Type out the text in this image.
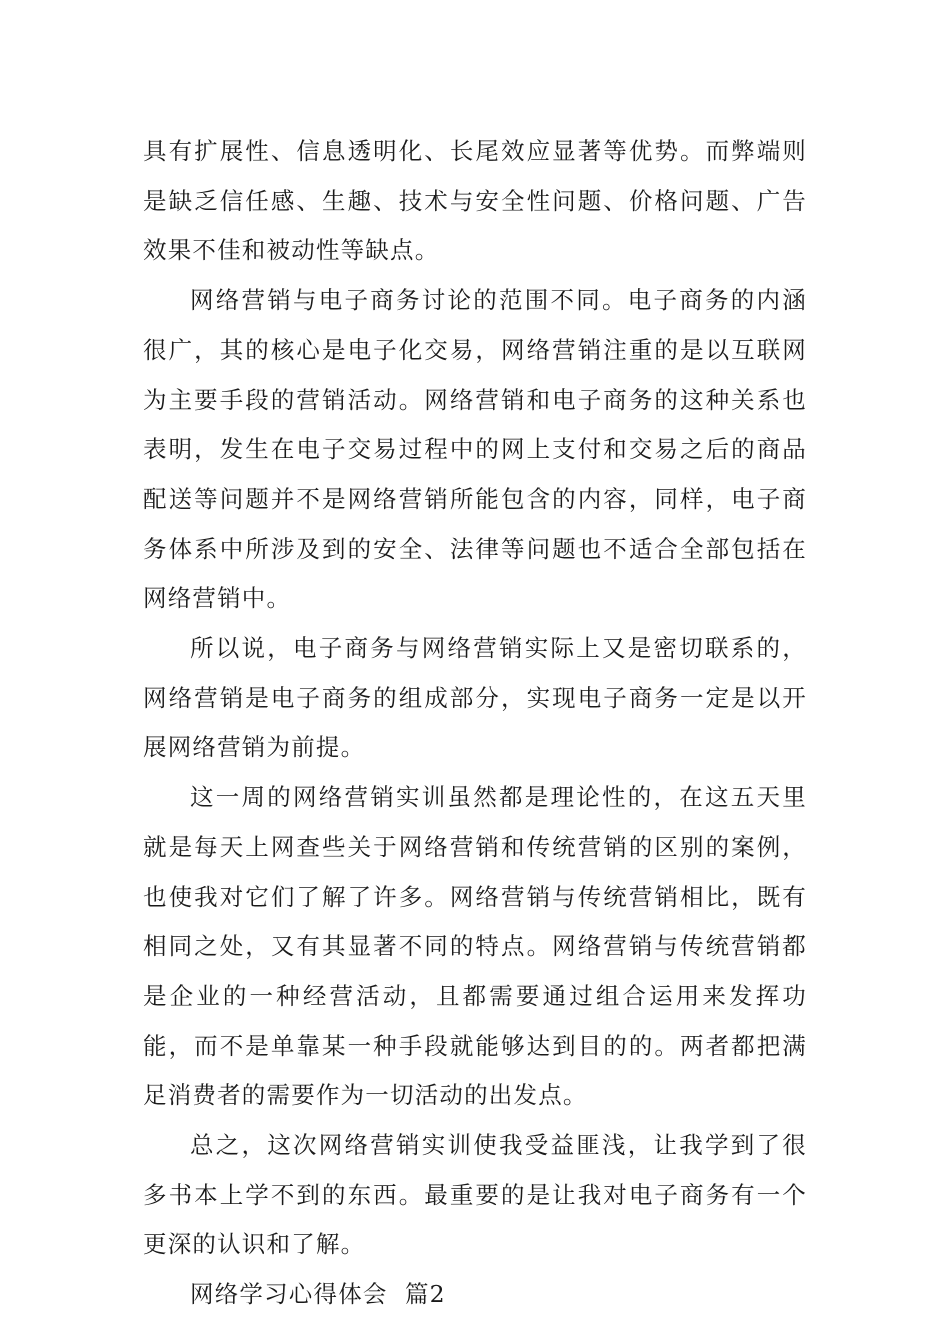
具有扩展性、信息透明化、长尾效应显著等优势。而弊端则是缺乏信任感、生趣、技术与安全性问题、价格问题、广告效果不佳和被动性等缺点。

网络营销与电子商务讨论的范围不同。电子商务的内涵很广，其的核心是电子化交易，网络营销注重的是以互联网为主要手段的营销活动。网络营销和电子商务的这种关系也表明，发生在电子交易过程中的网上支付和交易之后的商品配送等问题并不是网络营销所能包含的内容，同样，电子商务体系中所涉及到的安全、法律等问题也不适合全部包括在网络营销中。

所以说，电子商务与网络营销实际上又是密切联系的，网络营销是电子商务的组成部分，实现电子商务一定是以开展网络营销为前提。

这一周的网络营销实训虽然都是理论性的，在这五天里就是每天上网查些关于网络营销和传统营销的区别的案例，也使我对它们了解了许多。网络营销与传统营销相比，既有相同之处，又有其显著不同的特点。网络营销与传统营销都是企业的一种经营活动，且都需要通过组合运用来发挥功能，而不是单靠某一种手段就能够达到目的的。两者都把满足消费者的需要作为一切活动的出发点。

总之，这次网络营销实训使我受益匪浅，让我学到了很多书本上学不到的东西。最重要的是让我对电子商务有一个更深的认识和了解。

网络学习心得体会  篇2
